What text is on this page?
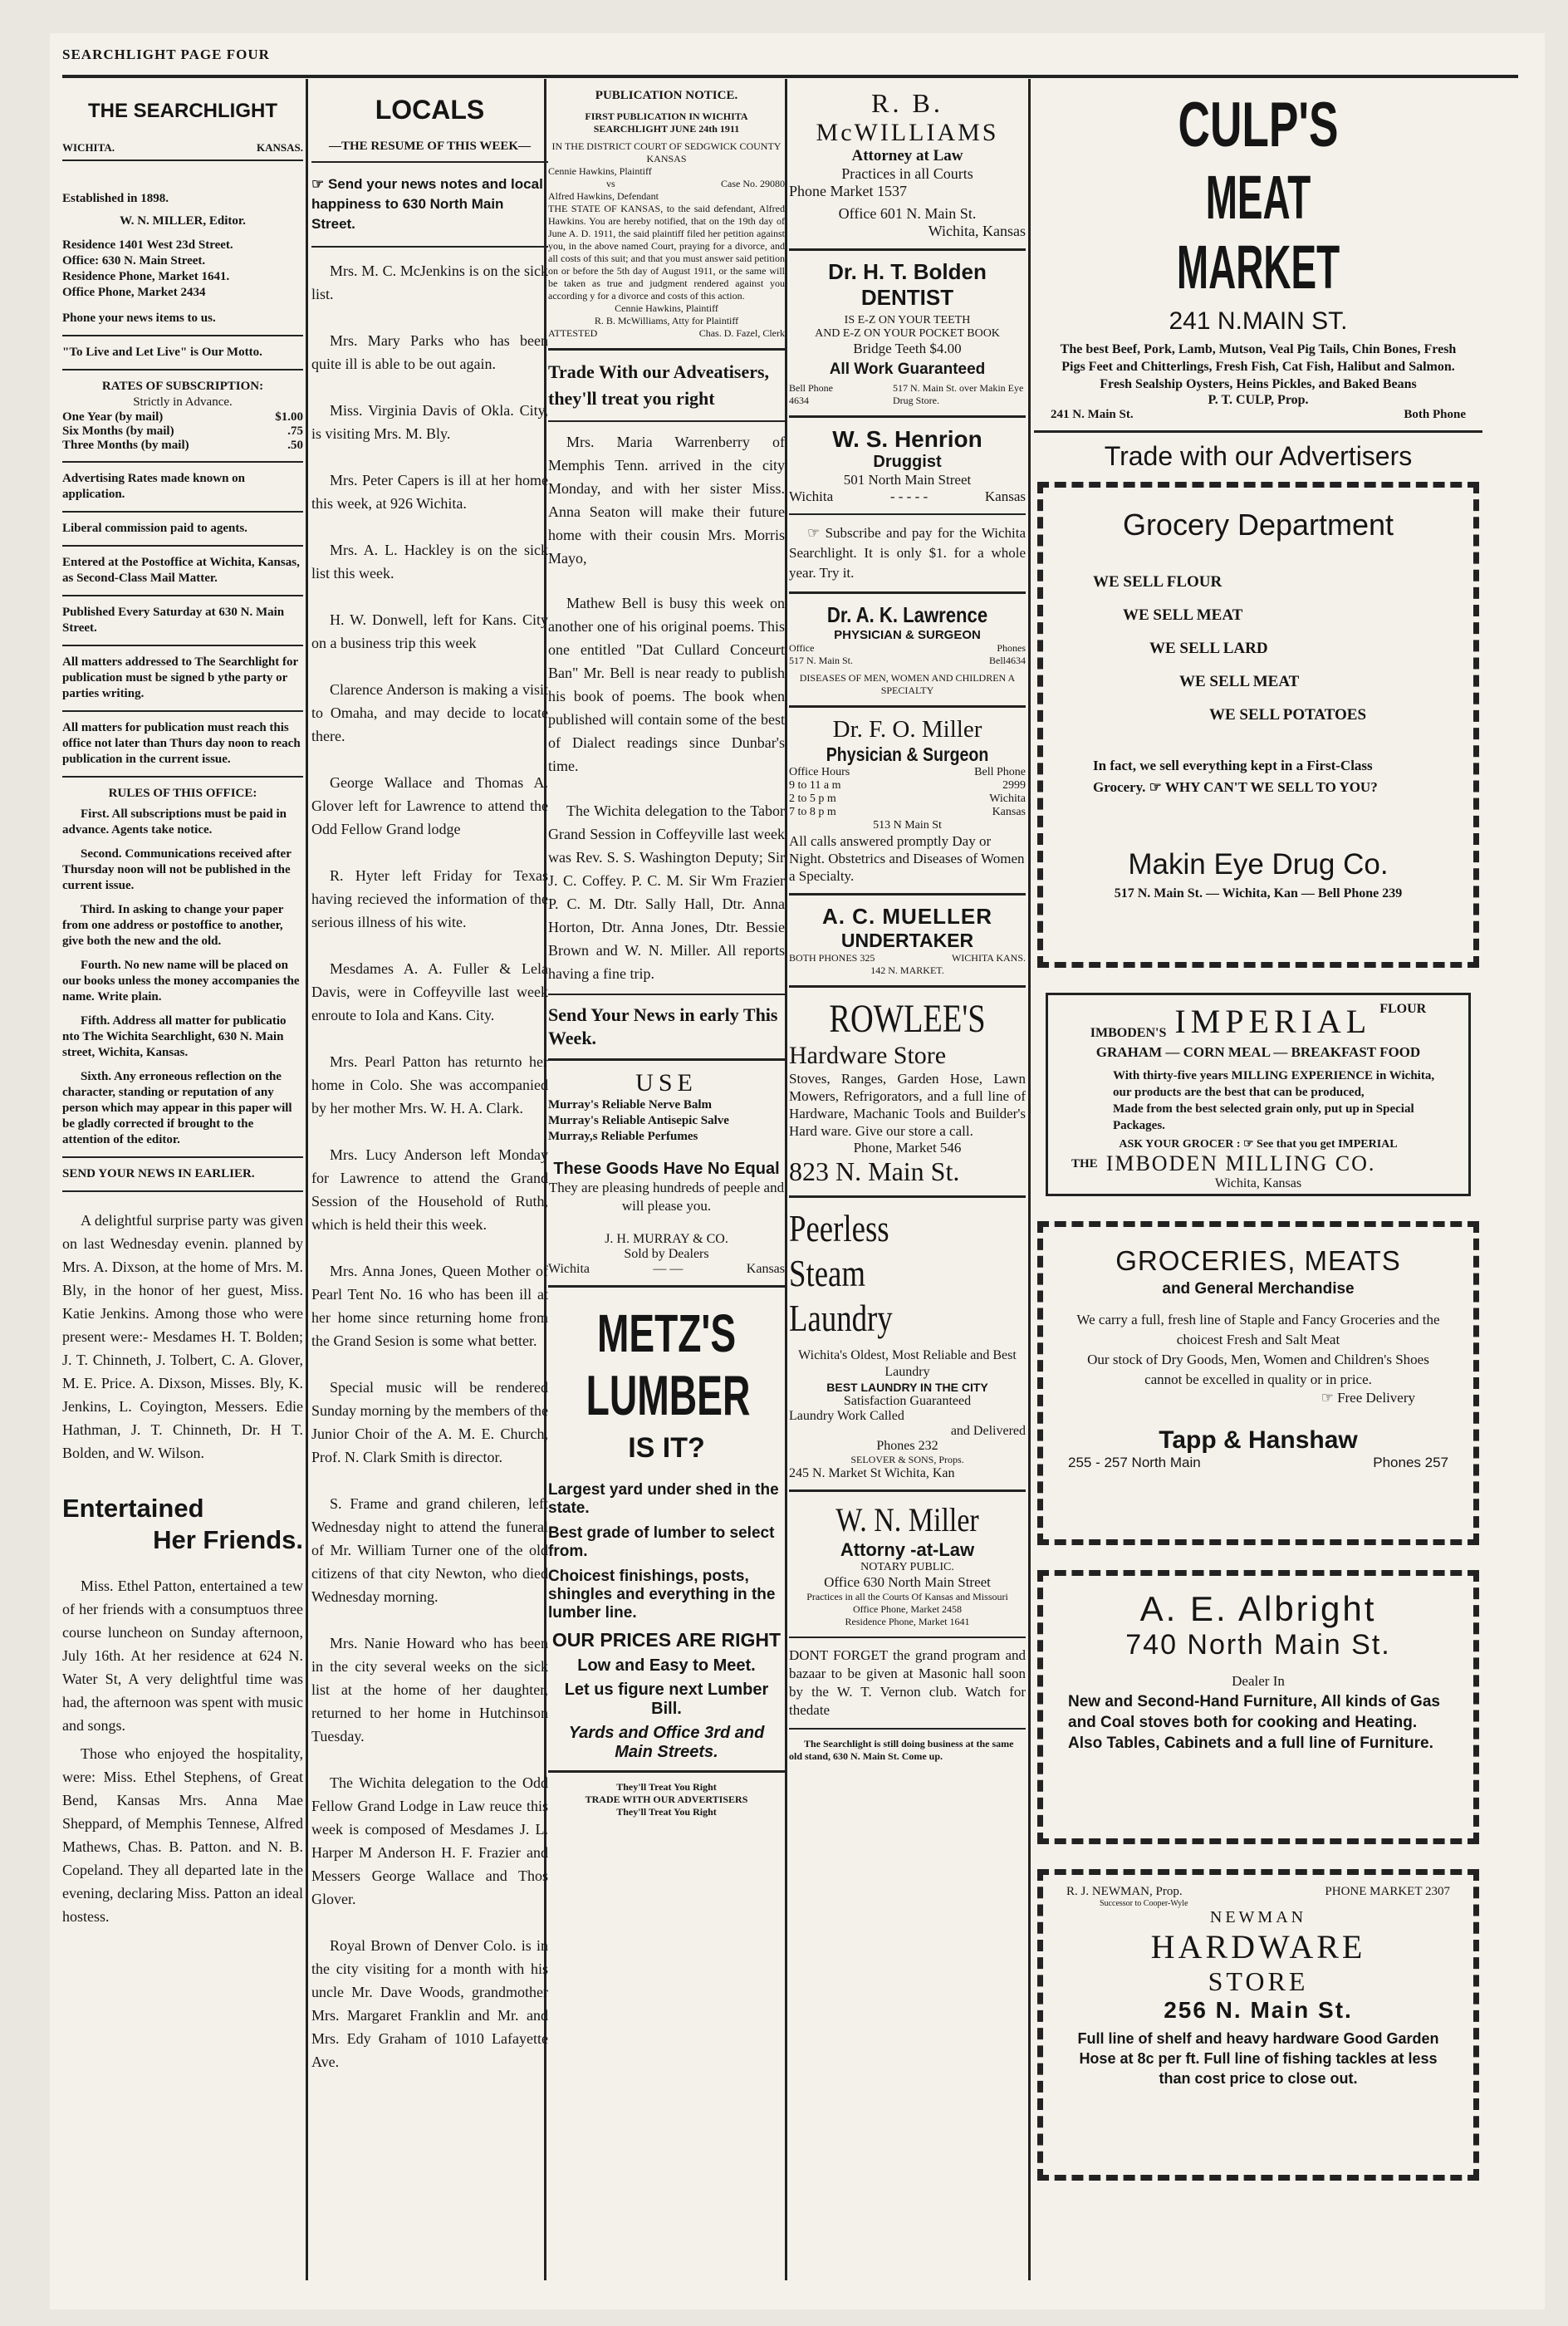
SEARCHLIGHT PAGE FOUR
THE SEARCHLIGHT
WICHITA.	KANSAS.
Established in 1898.
W. N. MILLER, Editor.
Residence 1401 West 23d Street.
Office: 630 N. Main Street.
Residence Phone, Market 1641.
Office Phone, Market 2434
Phone your news items to us.
"To Live and Let Live" is Our Motto.
RATES OF SUBSCRIPTION:
Strictly in Advance.
One Year (by mail)	$1.00
Six Months (by mail)	.75
Three Months (by mail)	.50
Advertising Rates made known on application.
Liberal commission paid to agents.
Entered at the Postoffice at Wichita, Kansas, as Second-Class Mail Matter.
Published Every Saturday at 630 N. Main Street.
All matters addressed to The Searchlight for publication must be signed b ythe party or parties writing.
All matters for publication must reach this office not later than Thurs day noon to reach publication in the current issue.
RULES OF THIS OFFICE:
First. All subscriptions must be paid in advance. Agents take notice.
Second. Communications received after Thursday noon will not be published in the current issue.
Third. In asking to change your paper from one address or postoffice to another, give both the new and the old.
Fourth. No new name will be placed on our books unless the money accompanies the name. Write plain.
Fifth. Address all matter for publicatio nto The Wichita Searchlight, 630 N. Main street, Wichita, Kansas.
Sixth. Any erroneous reflection on the character, standing or reputation of any person which may appear in this paper will be gladly corrected if brought to the attention of the editor.
SEND YOUR NEWS IN EARLIER.
A delightful surprise party was given on last Wednesday evenin. planned by Mrs. A. Dixson, at the home of Mrs. M. Bly, in the honor of her guest, Miss. Katie Jenkins. Among those who were present were:- Mesdames H. T. Bolden; J. T. Chinneth, J. Tolbert, C. A. Glover, M. E. Price. A. Dixson, Misses. Bly, K. Jenkins, L. Coyington, Messers. Edie Hathman, J. T. Chinneth, Dr. H T. Bolden, and W. Wilson.
Entertained
Her Friends.
Miss. Ethel Patton, entertained a tew of her friends with a consumptuos three course luncheon on Sunday afternoon, July 16th. At her residence at 624 N. Water St, A very delightful time was had, the afternoon was spent with music and songs.
Those who enjoyed the hospitality, were: Miss. Ethel Stephens, of Great Bend, Kansas Mrs. Anna Mae Sheppard, of Memphis Tennese, Alfred Mathews, Chas. B. Patton. and N. B. Copeland. They all departed late in the evening, declaring Miss. Patton an ideal hostess.
LOCALS
—THE RESUME OF THIS WEEK—
☞ Send your news notes and local happiness to 630 North Main Street.
Mrs. M. C. McJenkins is on the sick list.
Mrs. Mary Parks who has been quite ill is able to be out again.
Miss. Virginia Davis of Okla. City, is visiting Mrs. M. Bly.
Mrs. Peter Capers is ill at her home this week, at 926 Wichita.
Mrs. A. L. Hackley is on the sick list this week.
H. W. Donwell, left for Kans. City on a business trip this week
Clarence Anderson is making a visit to Omaha, and may decide to locate there.
George Wallace and Thomas A. Glover left for Lawrence to attend the Odd Fellow Grand lodge
R. Hyter left Friday for Texas having recieved the information of the serious illness of his wite.
Mesdames A. A. Fuller & Lela Davis, were in Coffeyville last week enroute to Iola and Kans. City.
Mrs. Pearl Patton has returnto her home in Colo. She was accompanied by her mother Mrs. W. H. A. Clark.
Mrs. Lucy Anderson left Monday for Lawrence to attend the Grand Session of the Household of Ruth, which is held their this week.
Mrs. Anna Jones, Queen Mother of Pearl Tent No. 16 who has been ill at her home since returning home from the Grand Sesion is some what better.
Special music will be rendered Sunday morning by the members of the Junior Choir of the A. M. E. Church, Prof. N. Clark Smith is director.
S. Frame and grand chileren, left Wednesday night to attend the funeral of Mr. William Turner one of the old citizens of that city Newton, who died Wednesday morning.
Mrs. Nanie Howard who has been in the city several weeks on the sick list at the home of her daughter, returned to her home in Hutchinson Tuesday.
The Wichita delegation to the Odd Fellow Grand Lodge in Law reuce this week is composed of Mesdames J. L. Harper M Anderson H. F. Frazier and Messers George Wallace and Thos Glover.
Royal Brown of Denver Colo. is in the city visiting for a month with his uncle Mr. Dave Woods, grandmother Mrs. Margaret Franklin and Mr. and Mrs. Edy Graham of 1010 Lafayette Ave.
PUBLICATION NOTICE.
FIRST PUBLICATION IN WICHITA SEARCHLIGHT JUNE 24th 1911
IN THE DISTRICT COURT OF SEDGWICK COUNTY KANSAS
Cennie Hawkins, Plaintiff
vs	Case No. 29080
Alfred Hawkins, Defendant
THE STATE OF KANSAS, to the said defendant, Alfred Hawkins. You are hereby notified, that on the 19th day of June A. D. 1911, the said plaintiff filed her petition against you, in the above named Court, praying for a divorce, and all costs of this suit; and that you must answer said petition on or before the 5th day of August 1911, or the same will be taken as true and judgment rendered against you according y for a divorce and costs of this action.
Cennie Hawkins, Plaintiff
R. B. McWilliams, Atty for Plaintiff
ATTESTED	Chas. D. Fazel, Clerk
Trade With our Adveatisers, they'll treat you right
Mrs. Maria Warrenberry of Memphis Tenn. arrived in the city Monday, and with her sister Miss. Anna Seaton will make their future home with their cousin Mrs. Morris Mayo,
Mathew Bell is busy this week on another one of his original poems. This one entitled "Dat Cullard Conceurt Ban" Mr. Bell is near ready to publish his book of poems. The book when published will contain some of the best of Dialect readings since Dunbar's time.
The Wichita delegation to the Tabor Grand Session in Coffeyville last week was Rev. S. S. Washington Deputy; Sir J. C. Coffey. P. C. M. Sir Wm Frazier P. C. M. Dtr. Sally Hall, Dtr. Anna Horton, Dtr. Anna Jones, Dtr. Bessie Brown and W. N. Miller. All reports having a fine trip.
Send Your News in early This Week.
USE
Murray's Reliable Nerve Balm
Murray's Reliable Antisepic Salve
Murray,s Reliable Perfumes
These Goods Have No Equal
They are pleasing hundreds of peeple and will please you.
J. H. MURRAY & CO.
Sold by Dealers
Wichita	— —	Kansas
METZ'S
LUMBER
IS IT?
Largest yard under shed in the state.
Best grade of lumber to select from.
Choicest finishings, posts, shingles and everything in the lumber line.
OUR PRICES ARE RIGHT
Low and Easy to Meet.
Let us figure next Lumber Bill.
Yards and Office 3rd and Main Streets.
They'll Treat You Right
TRADE WITH OUR ADVERTISERS
They'll Treat You Right
R. B.
McWILLIAMS
Attorney at Law
Practices in all Courts
Phone Market 1537
Office 601 N. Main St.
Wichita, Kansas
Dr. H. T. Bolden
DENTIST
IS E-Z ON YOUR TEETH
AND E-Z ON YOUR POCKET BOOK
Bridge Teeth $4.00
All Work Guaranteed
Bell Phone
4634
517 N. Main St. over Makin Eye Drug Store.
W. S. Henrion
Druggist
501 North Main Street
Wichita	- - - - -	Kansas
☞ Subscribe and pay for the Wichita Searchlight. It is only $1. for a whole year. Try it.
Dr. A. K. Lawrence
PHYSICIAN & SURGEON
Office	Phones
517 N. Main St.	Bell4634
DISEASES OF MEN, WOMEN AND CHILDREN A SPECIALTY
Dr. F. O. Miller
Physician & Surgeon
Office Hours	Bell Phone
9 to 11 a m	2999
2 to 5 p m	Wichita
7 to 8 p m	Kansas
513 N Main St
All calls answered promptly Day or Night. Obstetrics and Diseases of Women a Specialty.
A. C. MUELLER
UNDERTAKER
BOTH PHONES 325	WICHITA KANS.
142 N. MARKET.
ROWLEE'S
Hardware Store
Stoves, Ranges, Garden Hose, Lawn Mowers, Refrigorators, and a full line of Hardware, Machanic Tools and Builder's Hard ware. Give our store a call.
Phone, Market 546
823 N. Main St.
Peerless
Steam
Laundry
Wichita's Oldest, Most Reliable and Best Laundry
BEST LAUNDRY IN THE CITY
Satisfaction Guaranteed
Laundry Work Called
and Delivered
Phones 232
SELOVER & SONS, Props.
245 N. Market St Wichita, Kan
W. N. Miller
Attorny -at-Law
NOTARY PUBLIC.
Office 630 North Main Street
Practices in all the Courts Of Kansas and Missouri
Office Phone, Market 2458
Residence Phone, Market 1641
DONT FORGET the grand program and bazaar to be given at Masonic hall soon by the W. T. Vernon club. Watch for thedate
The Searchlight is still doing business at the same old stand, 630 N. Main St. Come up.
CULP'S
MEAT MARKET
241 N.MAIN ST.
The best Beef, Pork, Lamb, Mutson, Veal Pig Tails, Chin Bones, Fresh Pigs Feet and Chitterlings, Fresh Fish, Cat Fish, Halibut and Salmon. Fresh Sealship Oysters, Heins Pickles, and Baked Beans
P. T. CULP, Prop.
241 N. Main St.	Both Phone
Trade with our Advertisers
Grocery Department
WE SELL FLOUR
WE SELL MEAT
WE SELL LARD
WE SELL MEAT
WE SELL POTATOES
In fact, we sell everything kept in a First-Class Grocery. ☞ WHY CAN'T WE SELL TO YOU?
Makin Eye Drug Co.
517 N. Main St. — Wichita, Kan — Bell Phone 239
IMBODEN'S IMPERIAL FLOUR
GRAHAM — CORN MEAL — BREAKFAST FOOD
With thirty-five years MILLING EXPERIENCE in Wichita, our products are the best that can be produced,
Made from the best selected grain only, put up in Special Packages.
ASK YOUR GROCER : ☞ See that you get IMPERIAL
THE IMBODEN MILLING CO.
Wichita, Kansas
GROCERIES, MEATS
and General Merchandise
We carry a full, fresh line of Staple and Fancy Groceries and the choicest Fresh and Salt Meat
Our stock of Dry Goods, Men, Women and Children's Shoes cannot be excelled in quality or in price.
☞ Free Delivery
Tapp & Hanshaw
255 - 257 North Main	Phones 257
A. E. Albright
740 North Main St.
Dealer In
New and Second-Hand Furniture, All kinds of Gas and Coal stoves both for cooking and Heating. Also Tables, Cabinets and a full line of Furniture.
R. J. NEWMAN, Prop.	PHONE MARKET 2307
Successor to Cooper-Wyle
NEWMAN
HARDWARE
STORE
256 N. Main St.
Full line of shelf and heavy hardware Good Garden Hose at 8c per ft. Full line of fishing tackles at less than cost price to close out.
